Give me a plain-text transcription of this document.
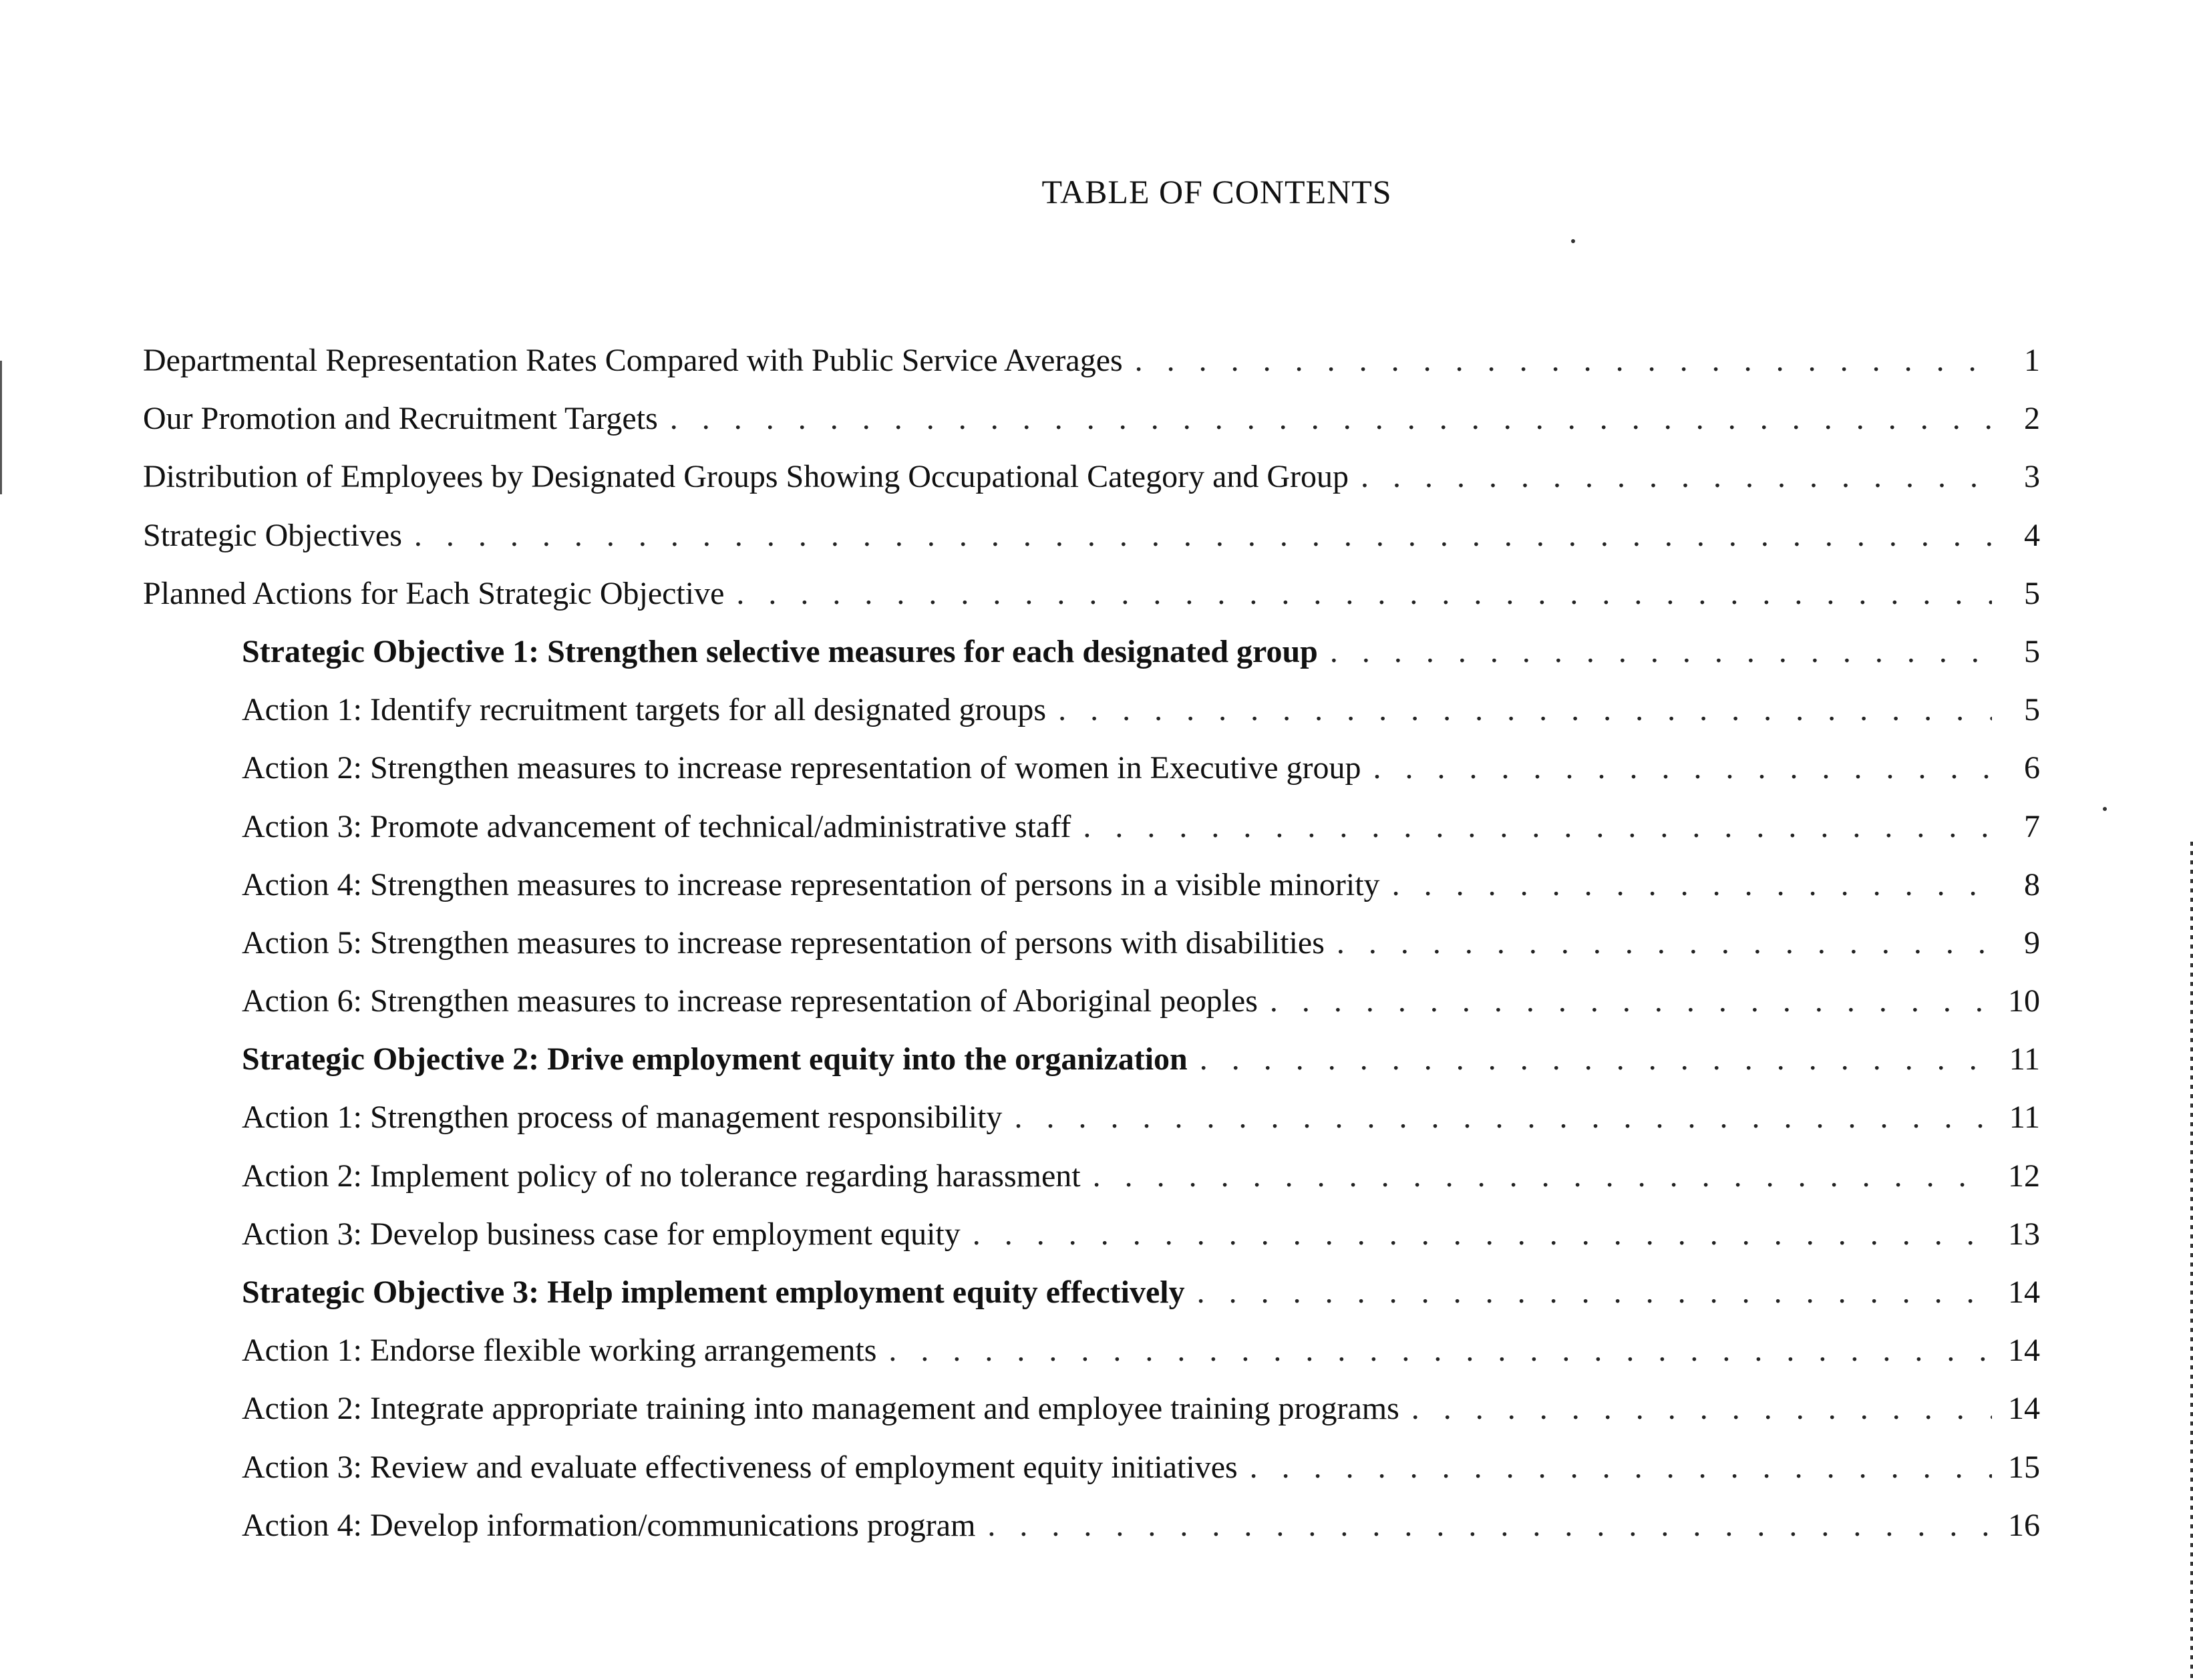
TABLE OF CONTENTS
Departmental Representation Rates Compared with Public Service Averages . . .	1
Our Promotion and Recruitment Targets . . .	2
Distribution of Employees by Designated Groups Showing Occupational Category and Group . . .	3
Strategic Objectives . . .	4
Planned Actions for Each Strategic Objective . . .	5
Strategic Objective 1: Strengthen selective measures for each designated group . . .	5
Action 1: Identify recruitment targets for all designated groups . . .	5
Action 2: Strengthen measures to increase representation of women in Executive group . . .	6
Action 3: Promote advancement of technical/administrative staff . . .	7
Action 4: Strengthen measures to increase representation of persons in a visible minority . . .	8
Action 5: Strengthen measures to increase representation of persons with disabilities . . .	9
Action 6: Strengthen measures to increase representation of Aboriginal peoples . . .	10
Strategic Objective 2: Drive employment equity into the organization . . .	11
Action 1: Strengthen process of management responsibility . . .	11
Action 2: Implement policy of no tolerance regarding harassment . . .	12
Action 3: Develop business case for employment equity . . .	13
Strategic Objective 3: Help implement employment equity effectively . . .	14
Action 1: Endorse flexible working arrangements . . .	14
Action 2: Integrate appropriate training into management and employee training programs . . .	14
Action 3: Review and evaluate effectiveness of employment equity initiatives . . .	15
Action 4: Develop information/communications program . . .	16
